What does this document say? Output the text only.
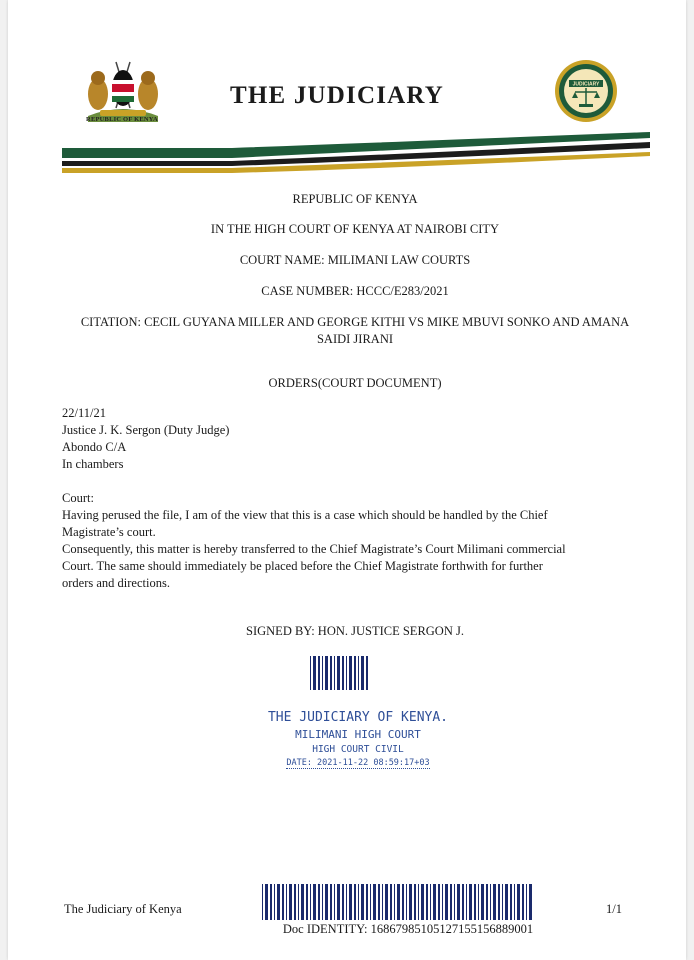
REPUBLIC OF KENYA
THE JUDICIARY	JUDICIARY
REPUBLIC OF KENYA
IN THE HIGH COURT OF KENYA AT NAIROBI CITY
COURT NAME: MILIMANI LAW COURTS
CASE NUMBER: HCCC/E283/2021
CITATION: CECIL GUYANA MILLER AND GEORGE KITHI VS MIKE MBUVI SONKO AND AMANA
SAIDI JIRANI
ORDERS(COURT DOCUMENT)

22/11/21

Justice J. K. Sergon (Duty Judge)

Abondo C/A

In chambers

Court:

Having perused the file, I am of the view that this is a case which should be handled by the Chief

Magistrate’s court.

Consequently, this matter is hereby transferred to the Chief Magistrate’s Court Milimani commercial

Court. The same should immediately be placed before the Chief Magistrate forthwith for further

orders and directions.

SIGNED BY: HON. JUSTICE SERGON J.
THE JUDICIARY OF KENYA.
MILIMANI HIGH COURT
HIGH COURT CIVIL
DATE: 2021-11-22 08:59:17+03
The Judiciary of Kenya	1/1
Doc IDENTITY: 16867985105127155156889001
